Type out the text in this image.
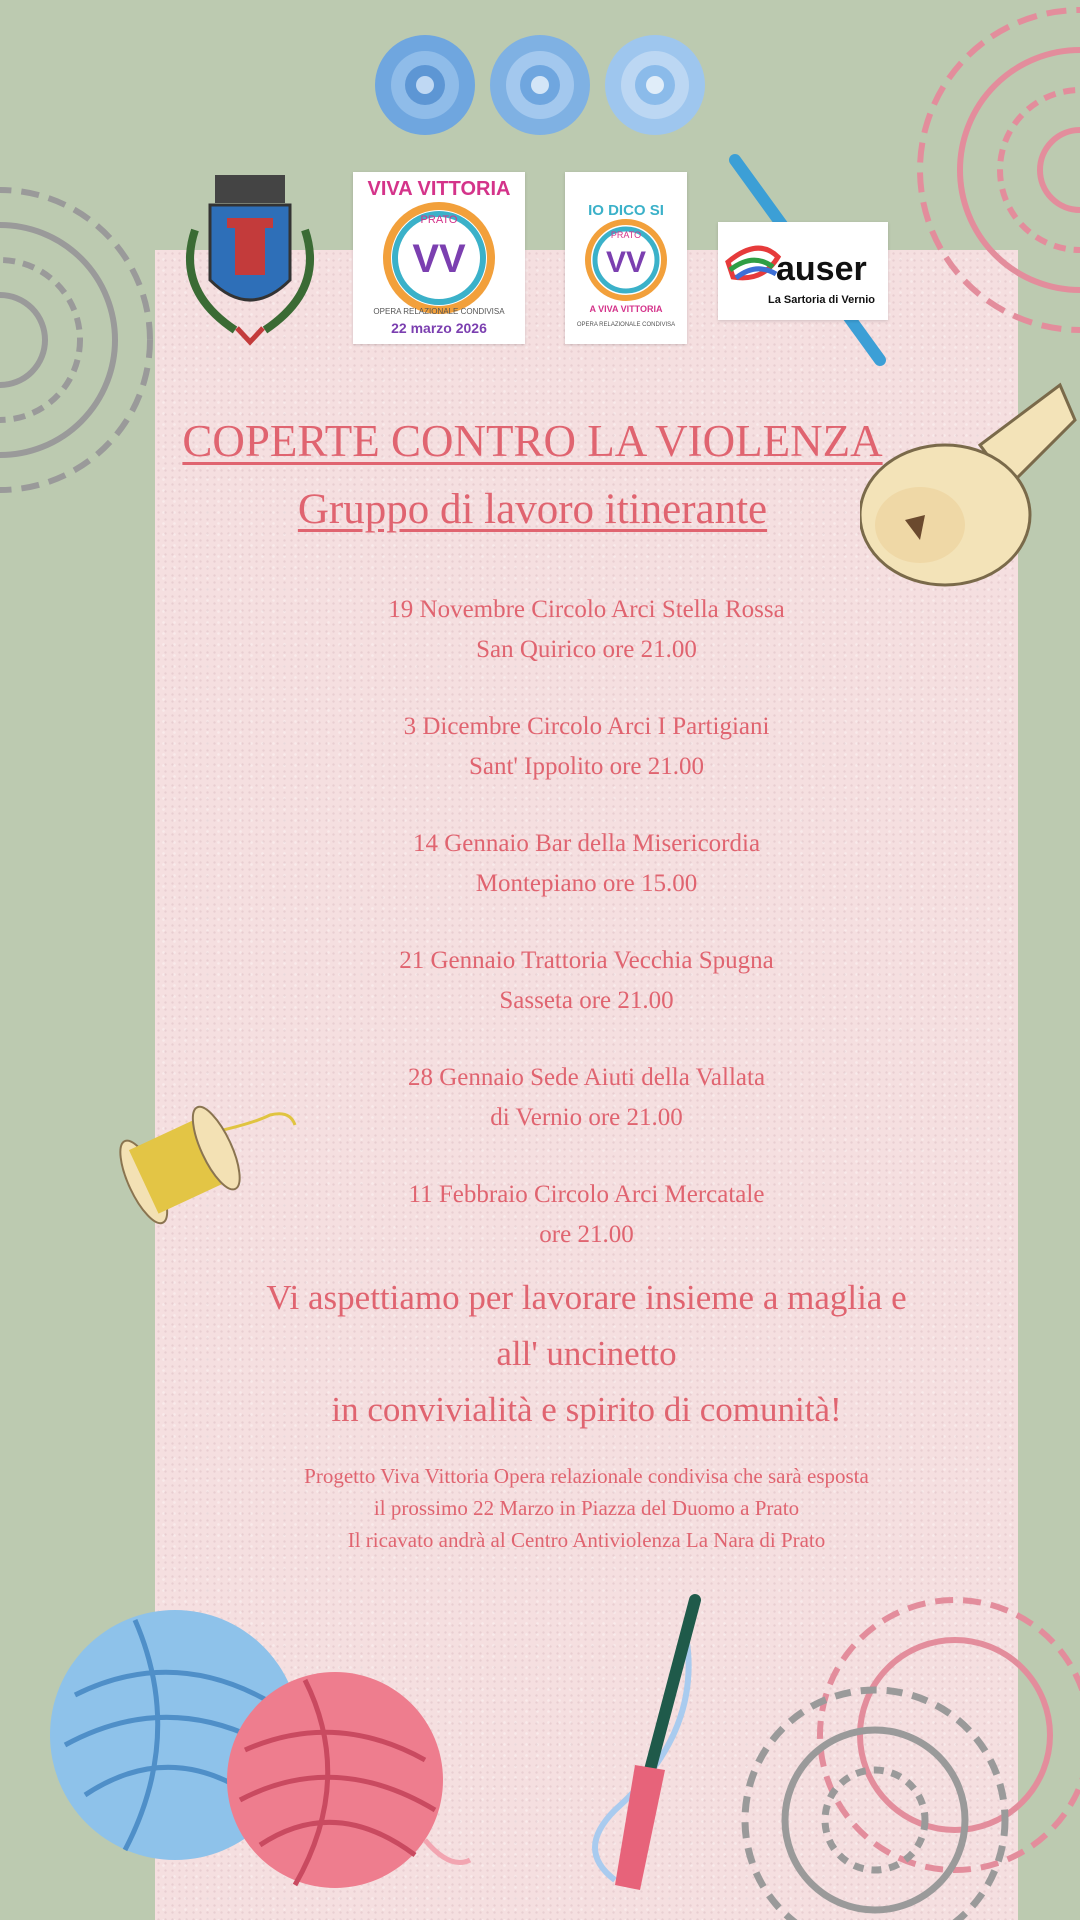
VV
VIVA VITTORIA
PRATO
OPERA RELAZIONALE CONDIVISA
22 marzo 2026
VV
IO DICO SI
PRATO
A VIVA VITTORIA
OPERA RELAZIONALE CONDIVISA
auser
La Sartoria di Vernio
COPERTE CONTRO LA VIOLENZA
Gruppo di lavoro itinerante
19 Novembre Circolo Arci Stella Rossa
San Quirico ore 21.00
3 Dicembre Circolo Arci I Partigiani
Sant' Ippolito ore 21.00
14 Gennaio Bar della Misericordia
Montepiano ore 15.00
21 Gennaio Trattoria Vecchia Spugna
Sasseta ore 21.00
28 Gennaio Sede Aiuti della Vallata
di Vernio ore 21.00
11 Febbraio Circolo Arci Mercatale
ore 21.00
Vi aspettiamo per lavorare insieme a maglia e
all' uncinetto
in convivialità e spirito di comunità!
Progetto Viva Vittoria Opera relazionale condivisa che sarà esposta
il prossimo 22 Marzo in Piazza del Duomo a Prato
Il ricavato andrà al Centro Antiviolenza La Nara di Prato
